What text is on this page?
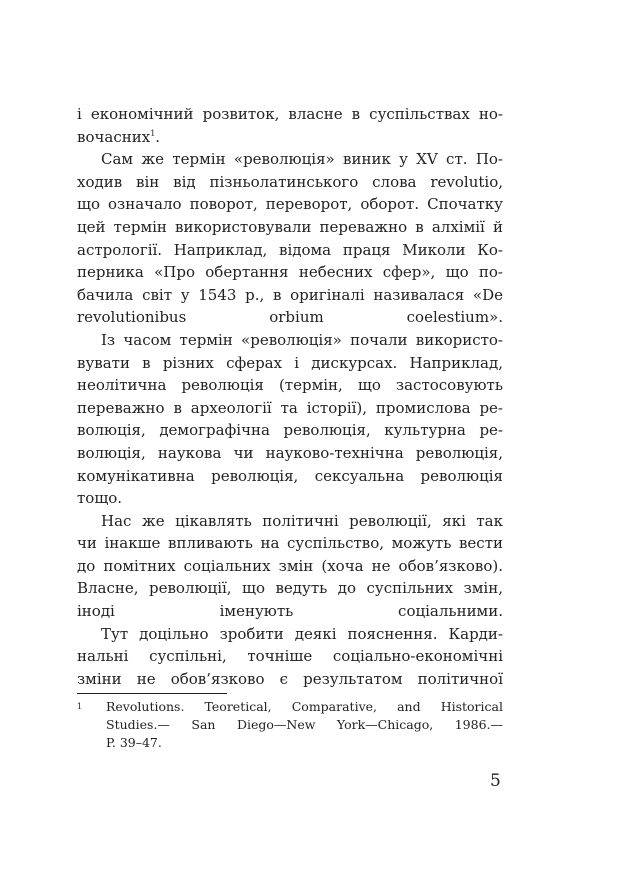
і економічний розвиток, власне в суспільствах но-
вочасних$^1$.
Сам же термін «революція» виник у XV ст. По-
ходив він від пізньолатинського слова revolutio,
що означало поворот, переворот, оборот. Спочатку
цей термін використовували переважно в алхімії й
астрології. Наприклад, відома праця Миколи Ко-
перника «Про обертання небесних сфер», що по-
бачила світ у 1543 р., в оригіналі називалася «De
revolutionibus orbium coelestium».
Із часом термін «революція» почали використо-
вувати в різних сферах і дискурсах. Наприклад,
неолітична революція (термін, що застосовують
переважно в археології та історії), промислова ре-
волюція, демографічна революція, культурна ре-
волюція, наукова чи науково-технічна революція,
комунікативна революція, сексуальна революція
тощо.
Нас же цікавлять політичні революції, які так
чи інакше впливають на суспільство, можуть вести
до помітних соціальних змін (хоча не обов’язково).
Власне, революції, що ведуть до суспільних змін,
іноді іменують соціальними.
Тут доцільно зробити деякі пояснення. Карди-
нальні суспільні, точніше соціально-економічні
зміни не обов’язково є результатом політичної
1 Revolutions. Teoretical, Comparative, and Historical
Studies.— San Diego—New York—Chicago, 1986.—
P. 39–47.
5
